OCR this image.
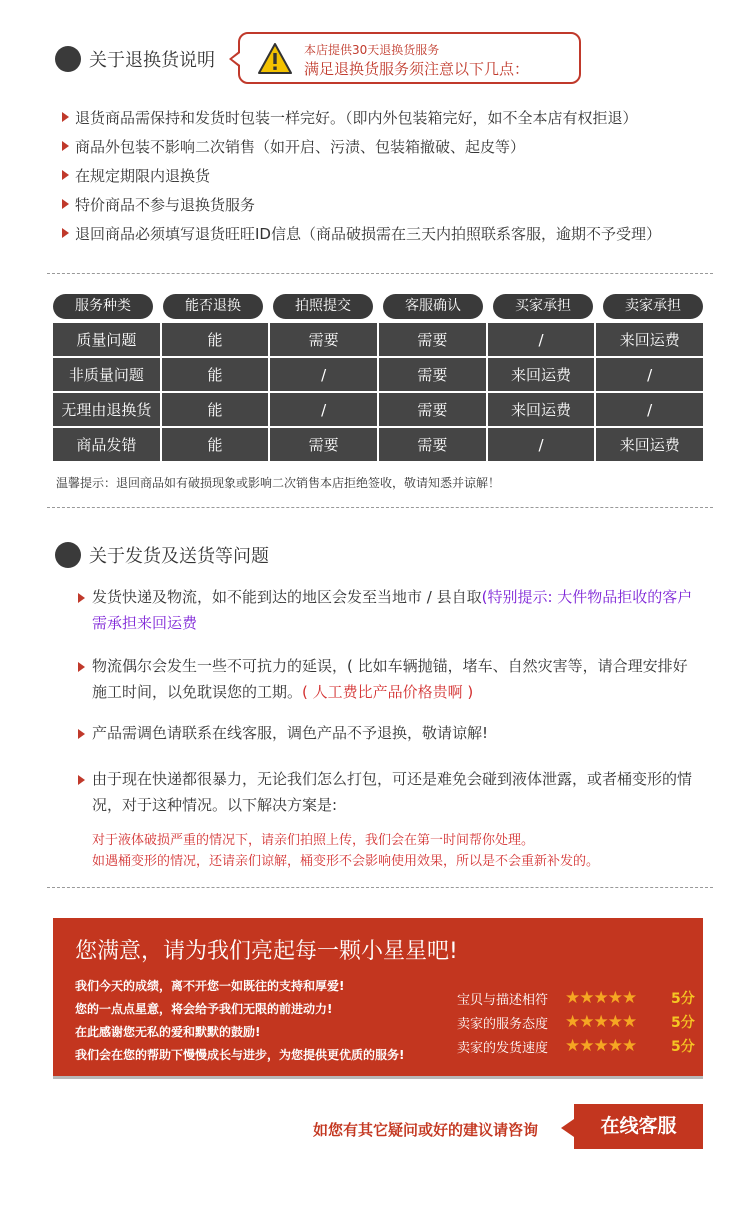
关于退换货说明	本店提供30天退换货服务
满足退换货服务须注意以下几点：
退货商品需保持和发货时包装一样完好。（即内外包装箱完好，如不全本店有权拒退）
商品外包装不影响二次销售（如开启、污渍、包装箱撤破、起皮等）
在规定期限内退换货
特价商品不参与退换货服务
退回商品必须填写退货旺旺ID信息（商品破损需在三天内拍照联系客服，逾期不予受理）
服务种类	能否退换	拍照提交	客服确认	买家承担	卖家承担
质量问题	能	需要	需要	/	来回运费
非质量问题	能	/	需要	来回运费	/
无理由退换货	能	/	需要	来回运费	/
商品发错	能	需要	需要	/	来回运费
温馨提示：退回商品如有破损现象或影响二次销售本店拒绝签收，敬请知悉并谅解！
关于发货及送货等问题
发货快递及物流，如不能到达的地区会发至当地市 / 县自取(特别提示: 大件物品拒收的客户需承担来回运费
物流偶尔会发生一些不可抗力的延误，( 比如车辆抛锚，堵车、自然灾害等，请合理安排好施工时间，以免耽误您的工期。( 人工费比产品价格贵啊 )
产品需调色请联系在线客服，调色产品不予退换，敬请谅解!
由于现在快递都很暴力，无论我们怎么打包，可还是难免会碰到液体泄露，或者桶变形的情况，对于这种情况。以下解决方案是:
对于液体破损严重的情况下，请亲们拍照上传，我们会在第一时间帮你处理。
如遇桶变形的情况，还请亲们谅解，桶变形不会影响使用效果，所以是不会重新补发的。
您满意，请为我们亮起每一颗小星星吧!
我们今天的成绩，离不开您一如既往的支持和厚爱!
您的一点点星意，将会给予我们无限的前进动力!
在此感谢您无私的爱和默默的鼓励!
我们会在您的帮助下慢慢成长与进步，为您提供更优质的服务!
宝贝与描述相符 ★★★★★	5分
卖家的服务态度 ★★★★★	5分
卖家的发货速度 ★★★★★	5分
如您有其它疑问或好的建议请咨询	在线客服
